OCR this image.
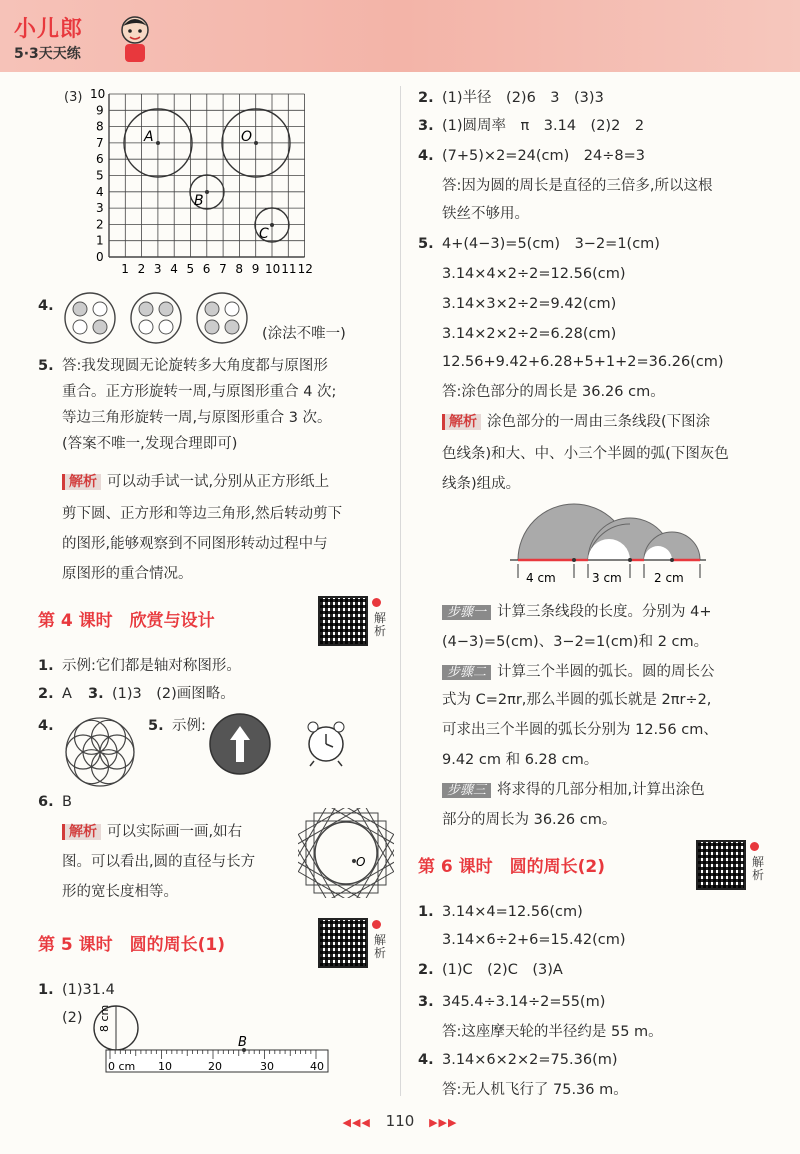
小儿郎
5·3天天练
(3) 10
9
8
7
6
5
4
3
2
1
0
1 2 3 4 5 6 7 8 9 10 11 12
A	O
B
C
4.
(涂法不唯一)
5. 答:我发现圆无论旋转多大角度都与原图形
重合。正方形旋转一周,与原图形重合 4 次;
等边三角形旋转一周,与原图形重合 3 次。
(答案不唯一,发现合理即可)
解析 可以动手试一试,分别从正方形纸上
剪下圆、正方形和等边三角形,然后转动剪下
的图形,能够观察到不同图形转动过程中与
原图形的重合情况。
第 4 课时　欣赏与设计	解析
1. 示例:它们都是轴对称图形。
2. A 3. (1)3　(2)画图略。
4.	5. 示例:
6. B
解析 可以实际画一画,如右
图。可以看出,圆的直径与长方
形的宽长度相等。
O
第 5 课时　圆的周长(1)	解析
1. (1)31.4
(2) 8 cm
0 cm 10	20	30	40
B
2. (1)半径　(2)6　3　(3)3
3. (1)圆周率　π　3.14　(2)2　2
4. (7+5)×2=24(cm)　24÷8=3
答:因为圆的周长是直径的三倍多,所以这根
铁丝不够用。
5. 4+(4−3)=5(cm)　3−2=1(cm)
3.14×4×2÷2=12.56(cm)
3.14×3×2÷2=9.42(cm)
3.14×2×2÷2=6.28(cm)
12.56+9.42+6.28+5+1+2=36.26(cm)
答:涂色部分的周长是 36.26 cm。
解析 涂色部分的一周由三条线段(下图涂
色线条)和大、中、小三个半圆的弧(下图灰色
线条)组成。
4 cm	3 cm	2 cm
步骤一 计算三条线段的长度。分别为 4+
(4−3)=5(cm)、3−2=1(cm)和 2 cm。
步骤二 计算三个半圆的弧长。圆的周长公
式为 C=2πr,那么半圆的弧长就是 2πr÷2,
可求出三个半圆的弧长分别为 12.56 cm、
9.42 cm 和 6.28 cm。
步骤三 将求得的几部分相加,计算出涂色
部分的周长为 36.26 cm。
第 6 课时　圆的周长(2)	解析
1. 3.14×4=12.56(cm)
3.14×6÷2+6=15.42(cm)
2. (1)C　(2)C　(3)A
3. 345.4÷3.14÷2=55(m)
答:这座摩天轮的半径约是 55 m。
4. 3.14×6×2×2=75.36(m)
答:无人机飞行了 75.36 m。
◀◀◀ 110 ▶▶▶
